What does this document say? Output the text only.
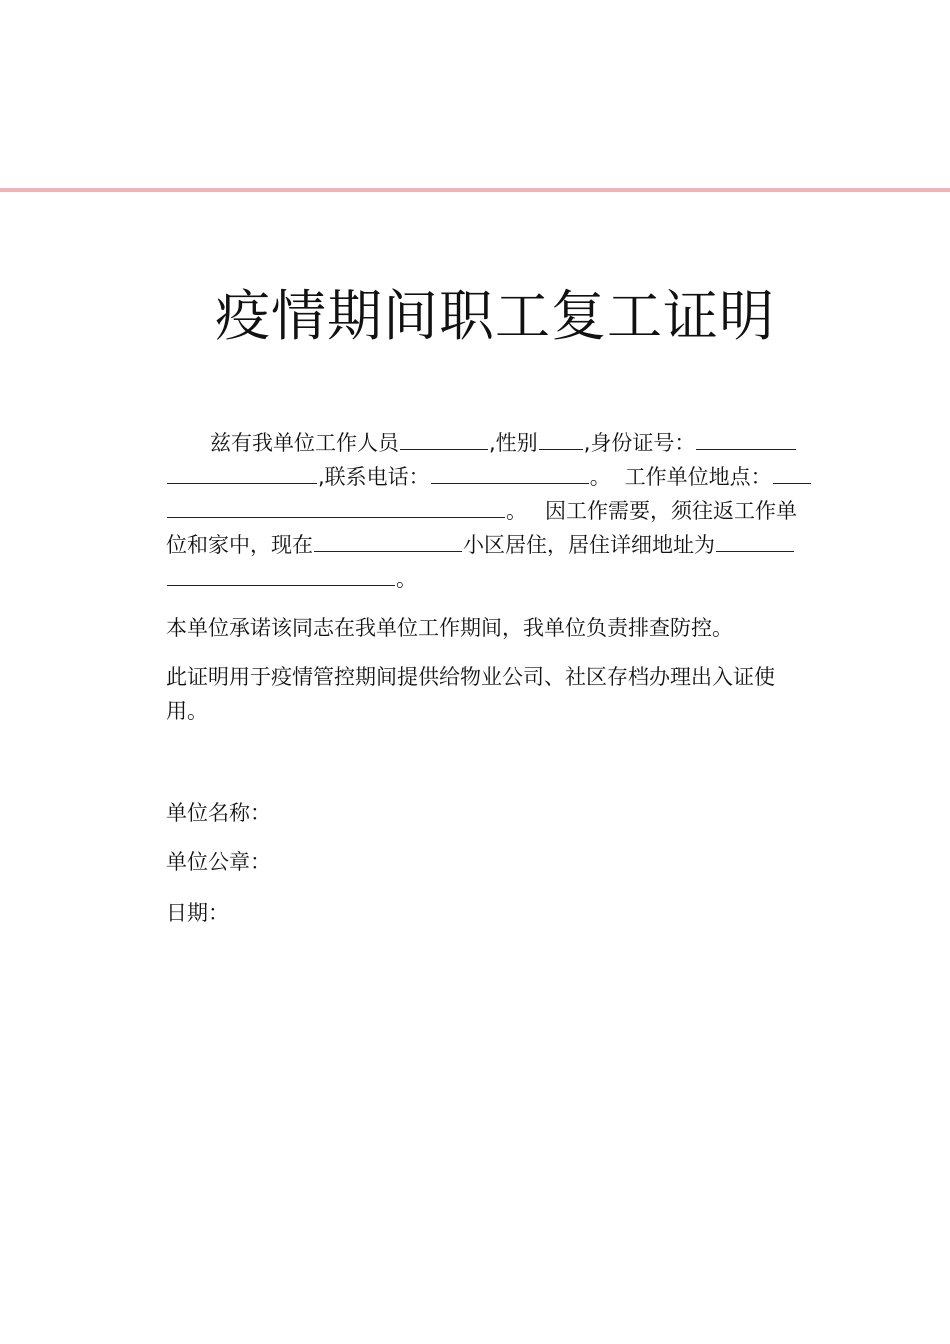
疫情期间职工复工证明
兹有我单位工作人员	,性别 ,身份证号：
,联系电话：	。 工作单位地点：
。 因工作需要，须往返工作单
位和家中，现在	小区居住，居住详细地址为
。
本单位承诺该同志在我单位工作期间，我单位负责排查防控。
此证明用于疫情管控期间提供给物业公司、社区存档办理出入证使
用。
单位名称：
单位公章：
日期：
